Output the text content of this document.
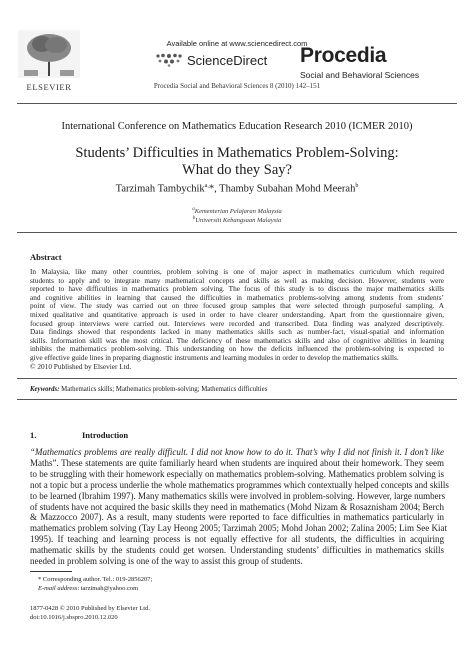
ELSEVIER
Available online at www.sciencedirect.com
ScienceDirect
Procedia Social and Behavioral Sciences 8 (2010) 142–151
Procedia
Social and Behavioral Sciences
International Conference on Mathematics Education Research 2010 (ICMER 2010)
Students’ Difficulties in Mathematics Problem-Solving:
What do they Say?
Tarzimah Tambychik$^{a,}$*, Thamby Subahan Mohd Meerah$^b$
$^a$Kementerian Pelajaran Malaysia
$^b$Universiti Kebangsaan Malaysia
Abstract
In Malaysia, like many other countries, problem solving is one of major aspect in mathematics curriculum which required
students to apply and to integrate many mathematical concepts and skills as well as making decision. However, students were
reported to have difficulties in mathematics problem solving. The focus of this study is to discuss the major mathematics skills
and cognitive abilities in learning that caused the difficulties in mathematics problems-solving among students from students’
point of view. The study was carried out on three focused group samples that were selected through purposeful sampling. A
mixed qualitative and quantitative approach is used in order to have clearer understanding. Apart from the questionnaire given,
focused group interviews were carried out. Interviews were recorded and transcribed. Data finding was analyzed descriptively.
Data findings showed that respondents lacked in many mathematics skills such as number-fact, visual-spatial and information
skills. Information skill was the most critical. The deficiency of these mathematics skills and also of cognitive abilities in learning
inhibits the mathematics problem-solving. This understanding on how the deficits influenced the problem-solving is expected to
give effective guide lines in preparing diagnostic instruments and learning modules in order to develop the mathematics skills.
© 2010 Published by Elsevier Ltd.
Keywords: Mathematics skills; Mathematics problem-solving; Mathematics difficulties
1.	Introduction
“Mathematics problems are really difficult. I did not know how to do it. That’s why I did not finish it. I don’t like
Maths”. These statements are quite familiarly heard when students are inquired about their homework. They seem
to be struggling with their homework especially on mathematics problem-solving. Mathematics problem solving is
not a topic but a process underlie the whole mathematics programmes which contextually helped concepts and skills
to be learned (Ibrahim 1997). Many mathematics skills were involved in problem-solving. However, large numbers
of students have not acquired the basic skills they need in mathematics (Mohd Nizam & Rosaznisham 2004; Berch
& Mazzocco 2007). As a result, many students were reported to face difficulties in mathematics particularly in
mathematics problem solving (Tay Lay Heong 2005; Tarzimah 2005; Mohd Johan 2002; Zalina 2005; Lim See Kiat
1995). If teaching and learning process is not equally effective for all students, the difficulties in acquiring
mathematic skills by the students could get worsen. Understanding students’ difficulties in mathematics skills
needed in problem solving is one of the way to assist this group of students.
* Corresponding author. Tel.: 019-2856207;
E-mail address: tarzimah@yahoo.com
1877-0428 © 2010 Published by Elsevier Ltd.
doi:10.1016/j.sbspro.2010.12.020
